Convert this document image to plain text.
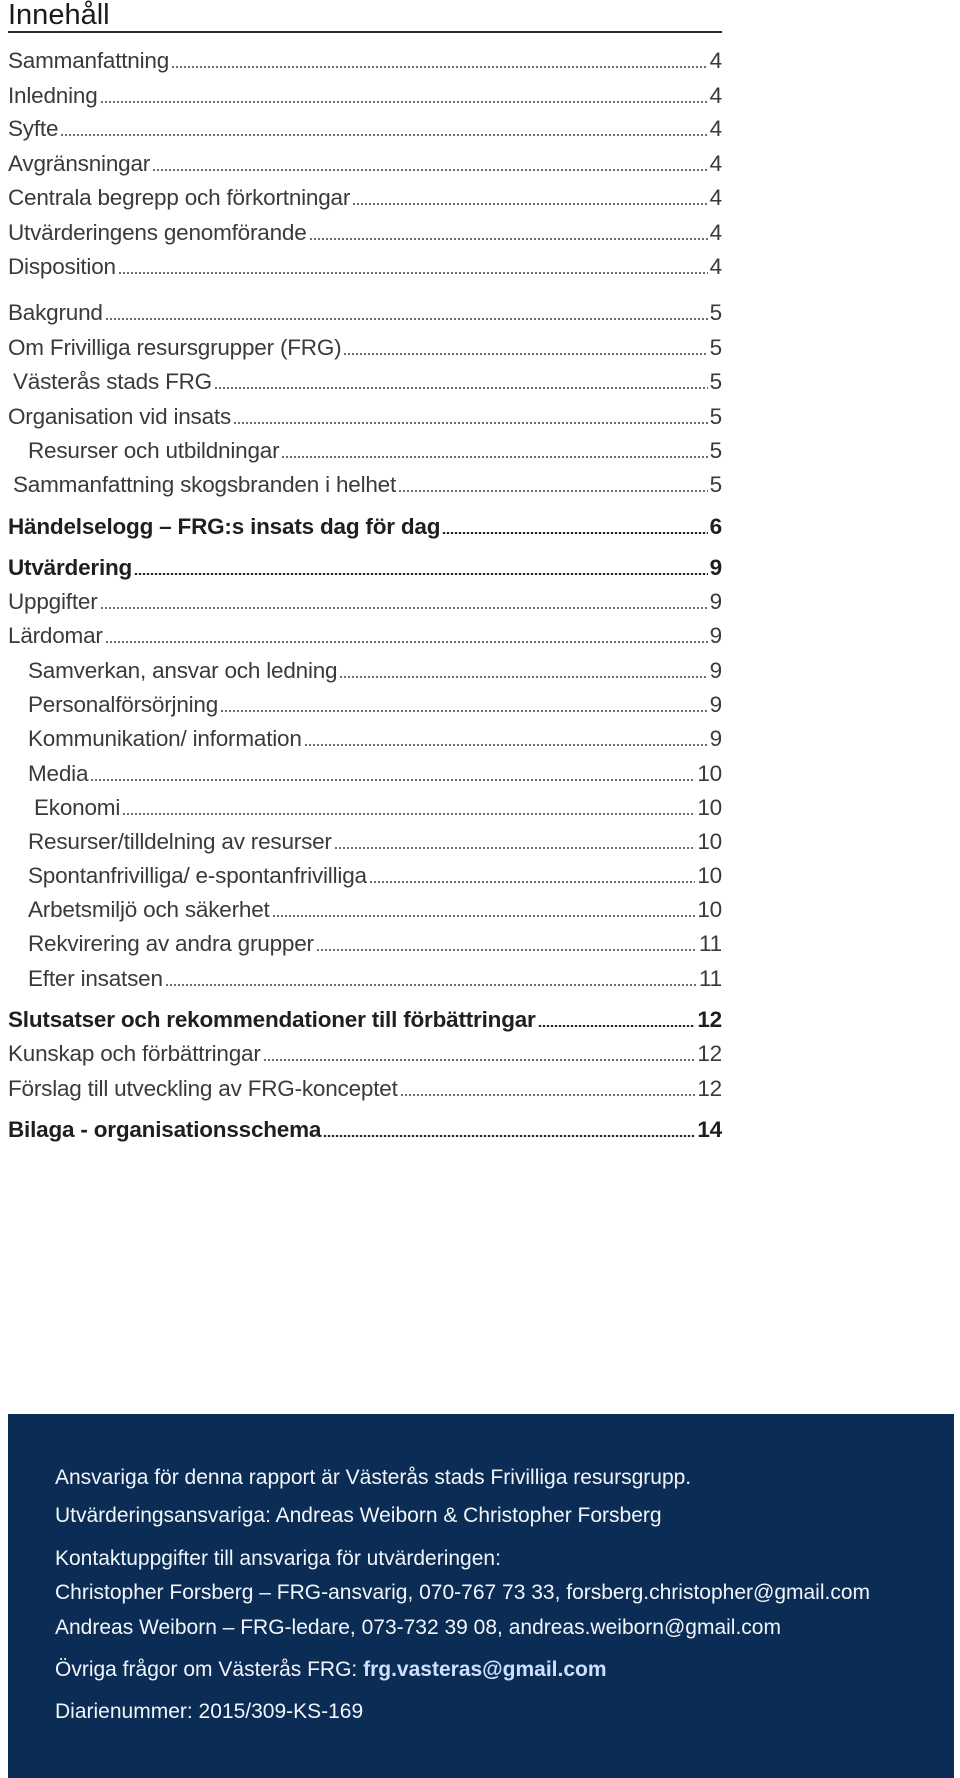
Innehåll
Sammanfattning	4
Inledning	4
Syfte	4
Avgränsningar	4
Centrala begrepp och förkortningar	4
Utvärderingens genomförande	4
Disposition	4
Bakgrund	5
Om Frivilliga resursgrupper (FRG)	5
Västerås stads FRG	5
Organisation vid insats	5
Resurser och utbildningar	5
Sammanfattning skogsbranden i helhet	5
Händelselogg – FRG:s insats dag för dag	6
Utvärdering	9
Uppgifter	9
Lärdomar	9
Samverkan, ansvar och ledning	9
Personalförsörjning	9
Kommunikation/ information	9
Media	10
Ekonomi	10
Resurser/tilldelning av resurser	10
Spontanfrivilliga/ e-spontanfrivilliga	10
Arbetsmiljö och säkerhet	10
Rekvirering av andra grupper	11
Efter insatsen	11
Slutsatser och rekommendationer till förbättringar	12
Kunskap och förbättringar	12
Förslag till utveckling av FRG-konceptet	12
Bilaga - organisationsschema	14
Ansvariga för denna rapport är Västerås stads Frivilliga resursgrupp.
Utvärderingsansvariga: Andreas Weiborn & Christopher Forsberg
Kontaktuppgifter till ansvariga för utvärderingen:
Christopher Forsberg – FRG-ansvarig, 070-767 73 33, forsberg.christopher@gmail.com
Andreas Weiborn – FRG-ledare, 073-732 39 08, andreas.weiborn@gmail.com
Övriga frågor om Västerås FRG: frg.vasteras@gmail.com
Diarienummer: 2015/309-KS-169
